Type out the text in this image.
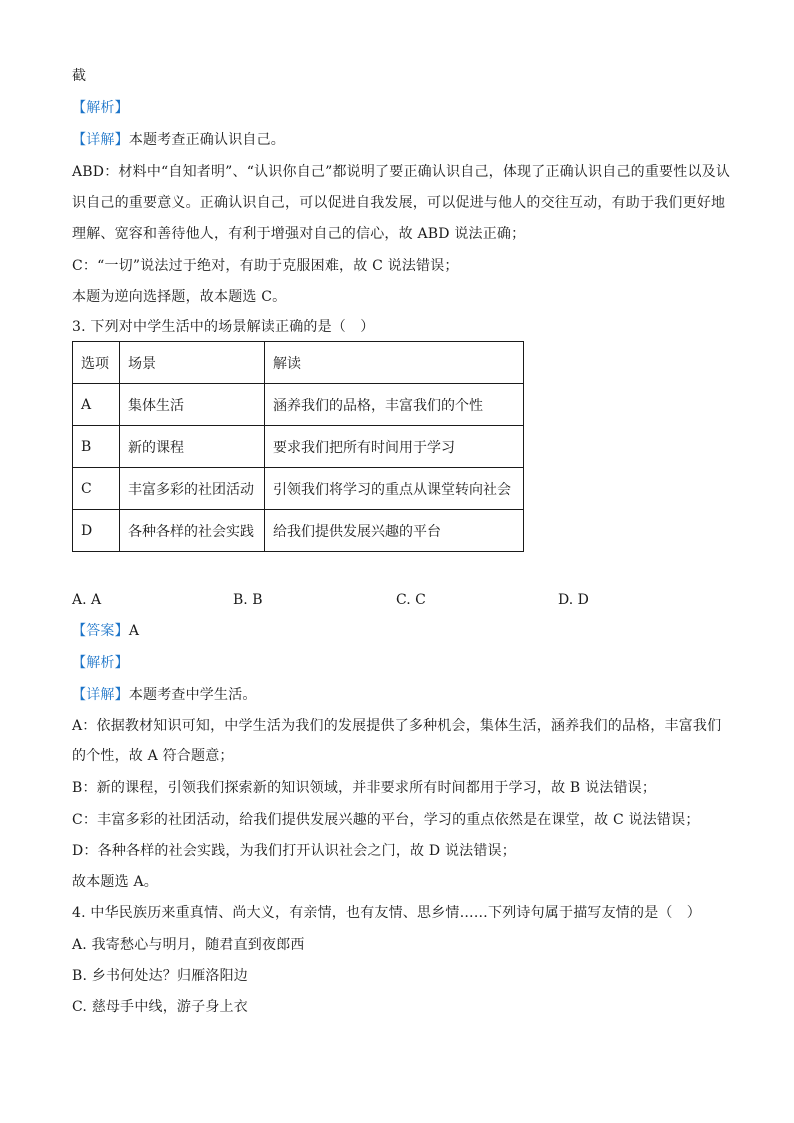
截
【解析】
【详解】本题考查正确认识自己。
ABD：材料中“自知者明”、“认识你自己”都说明了要正确认识自己，体现了正确认识自己的重要性以及认
识自己的重要意义。正确认识自己，可以促进自我发展，可以促进与他人的交往互动，有助于我们更好地
理解、宽容和善待他人，有利于增强对自己的信心，故 ABD 说法正确；
C：“一切”说法过于绝对，有助于克服困难，故 C 说法错误；
本题为逆向选择题，故本题选 C。
3. 下列对中学生活中的场景解读正确的是（　）
选项	场景	解读
A	集体生活	涵养我们的品格，丰富我们的个性
B	新的课程	要求我们把所有时间用于学习
C	丰富多彩的社团活动	引领我们将学习的重点从课堂转向社会
D	各种各样的社会实践	给我们提供发展兴趣的平台
A. A	B. B	C. C	D. D
【答案】A
【解析】
【详解】本题考查中学生活。
A：依据教材知识可知，中学生活为我们的发展提供了多种机会，集体生活，涵养我们的品格，丰富我们
的个性，故 A 符合题意；
B：新的课程，引领我们探索新的知识领域，并非要求所有时间都用于学习，故 B 说法错误；
C：丰富多彩的社团活动，给我们提供发展兴趣的平台，学习的重点依然是在课堂，故 C 说法错误；
D：各种各样的社会实践，为我们打开认识社会之门，故 D 说法错误；
故本题选 A。
4. 中华民族历来重真情、尚大义，有亲情，也有友情、思乡情……下列诗句属于描写友情的是（　）
A. 我寄愁心与明月，随君直到夜郎西
B. 乡书何处达？归雁洛阳边
C. 慈母手中线，游子身上衣
